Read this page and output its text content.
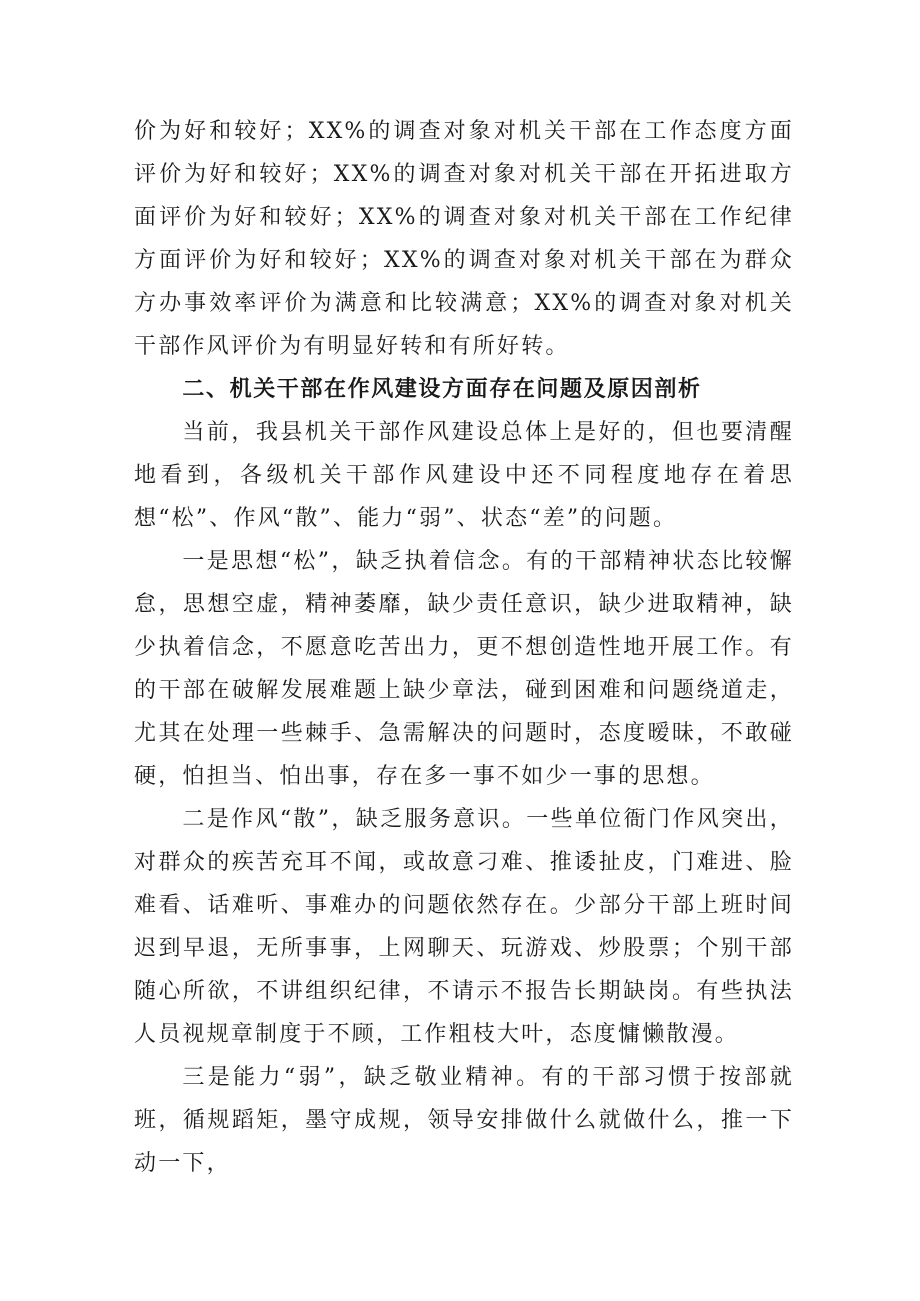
价为好和较好；XX%的调查对象对机关干部在工作态度方面评价为好和较好；XX%的调查对象对机关干部在开拓进取方面评价为好和较好；XX%的调查对象对机关干部在工作纪律方面评价为好和较好；XX%的调查对象对机关干部在为群众方办事效率评价为满意和比较满意；XX%的调查对象对机关干部作风评价为有明显好转和有所好转。

二、机关干部在作风建设方面存在问题及原因剖析

当前，我县机关干部作风建设总体上是好的，但也要清醒地看到，各级机关干部作风建设中还不同程度地存在着思想“松”、作风“散”、能力“弱”、状态“差”的问题。

一是思想“松”，缺乏执着信念。有的干部精神状态比较懈怠，思想空虚，精神萎靡，缺少责任意识，缺少进取精神，缺少执着信念，不愿意吃苦出力，更不想创造性地开展工作。有的干部在破解发展难题上缺少章法，碰到困难和问题绕道走，尤其在处理一些棘手、急需解决的问题时，态度暧昧，不敢碰硬，怕担当、怕出事，存在多一事不如少一事的思想。

二是作风“散”，缺乏服务意识。一些单位衙门作风突出，对群众的疾苦充耳不闻，或故意刁难、推诿扯皮，门难进、脸难看、话难听、事难办的问题依然存在。少部分干部上班时间迟到早退，无所事事，上网聊天、玩游戏、炒股票；个别干部随心所欲，不讲组织纪律，不请示不报告长期缺岗。有些执法人员视规章制度于不顾，工作粗枝大叶，态度慵懒散漫。

三是能力“弱”，缺乏敬业精神。有的干部习惯于按部就班，循规蹈矩，墨守成规，领导安排做什么就做什么，推一下动一下，
